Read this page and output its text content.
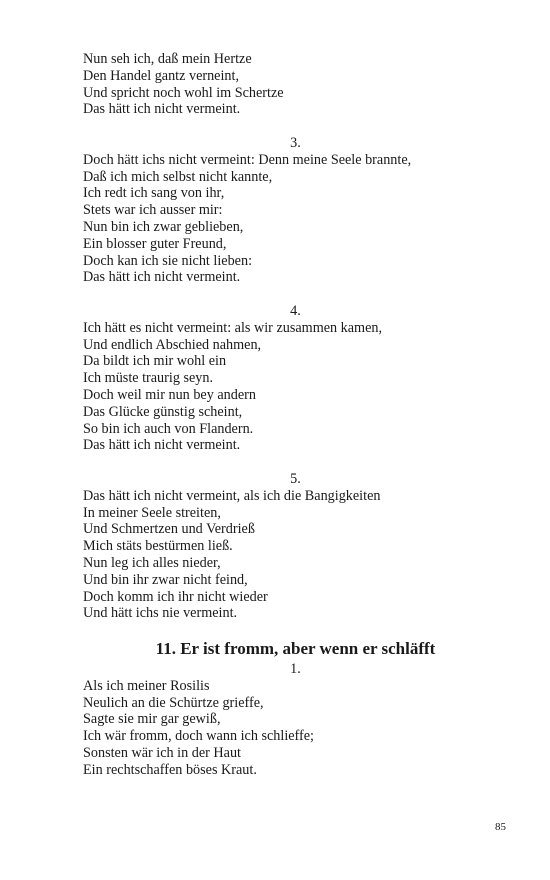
Nun seh ich, daß mein Hertze
Den Handel gantz verneint,
Und spricht noch wohl im Schertze
Das hätt ich nicht vermeint.
3.
Doch hätt ichs nicht vermeint: Denn meine Seele brannte,
Daß ich mich selbst nicht kannte,
Ich redt ich sang von ihr,
Stets war ich ausser mir:
Nun bin ich zwar geblieben,
Ein blosser guter Freund,
Doch kan ich sie nicht lieben:
Das hätt ich nicht vermeint.
4.
Ich hätt es nicht vermeint: als wir zusammen kamen,
Und endlich Abschied nahmen,
Da bildt ich mir wohl ein
Ich müste traurig seyn.
Doch weil mir nun bey andern
Das Glücke günstig scheint,
So bin ich auch von Flandern.
Das hätt ich nicht vermeint.
5.
Das hätt ich nicht vermeint, als ich die Bangigkeiten
In meiner Seele streiten,
Und Schmertzen und Verdrieß
Mich stäts bestürmen ließ.
Nun leg ich alles nieder,
Und bin ihr zwar nicht feind,
Doch komm ich ihr nicht wieder
Und hätt ichs nie vermeint.
11. Er ist fromm, aber wenn er schläfft
1.
Als ich meiner Rosilis
Neulich an die Schürtze grieffe,
Sagte sie mir gar gewiß,
Ich wär fromm, doch wann ich schlieffe;
Sonsten wär ich in der Haut
Ein rechtschaffen böses Kraut.
85
